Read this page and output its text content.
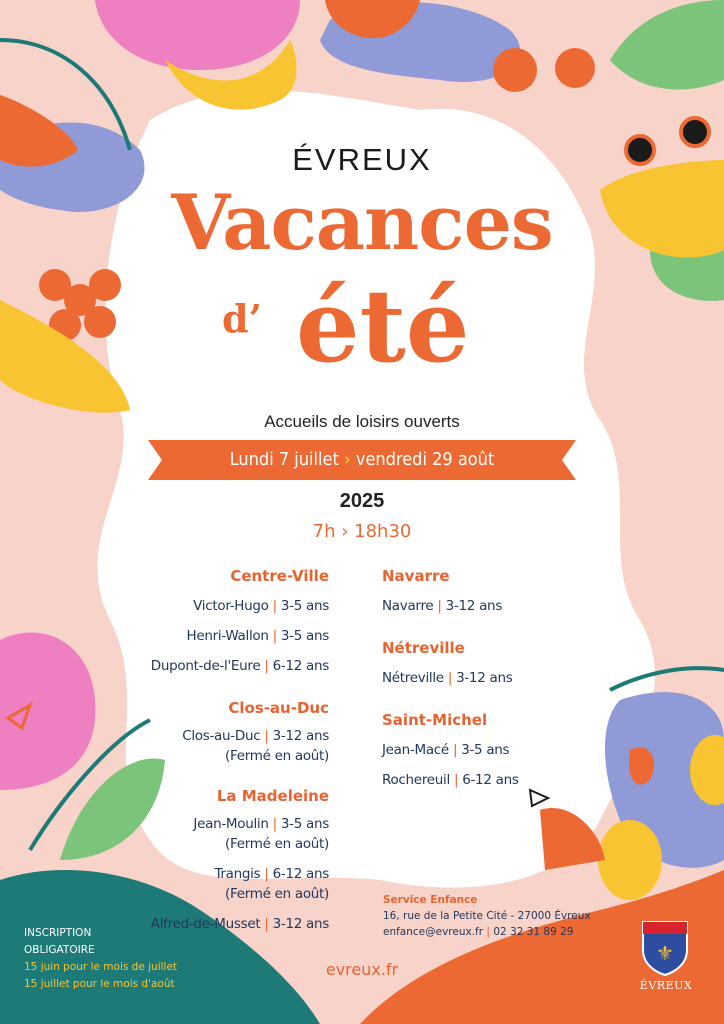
ÉVREUX
Vacances
d’ été
Accueils de loisirs ouverts
Lundi 7 juillet › vendredi 29 août
2025
7h › 18h30
Centre-Ville
Victor-Hugo | 3-5 ans
Henri-Wallon | 3-5 ans
Dupont-de-l'Eure | 6-12 ans
Clos-au-Duc
Clos-au-Duc | 3-12 ans
(Fermé en août)
La Madeleine
Jean-Moulin | 3-5 ans
(Fermé en août)
Trangis | 6-12 ans
(Fermé en août)
Alfred-de-Musset | 3-12 ans
Navarre
Navarre | 3-12 ans
Nétreville
Nétreville | 3-12 ans
Saint-Michel
Jean-Macé | 3-5 ans
Rochereuil | 6-12 ans
Service Enfance
16, rue de la Petite Cité - 27000 Évreux
enfance@evreux.fr | 02 32 31 89 29
INSCRIPTION
OBLIGATOIRE
15 juin pour le mois de juillet
15 juillet pour le mois d'août
evreux.fr
⚜
ÉVREUX
